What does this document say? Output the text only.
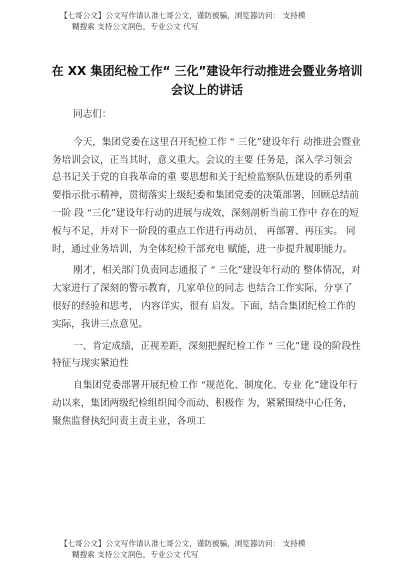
【七哥公文】公文写作请认准七哥公文，谨防被骗，浏览器访问： 支持模
糊搜索 支持公文润色，专业公文 代写
在 XX 集团纪检工作“ 三化”建设年行动推进会暨业务培训
会议上的讲话

同志们：

今天，集团党委在这里召开纪检工作 “ 三化”建设年行 动推进会暨业务培训会议，正当其时，意义重大。会议的主要 任务是，深入学习领会总书记关于党的自我革命的重 要思想和关于纪检监察队伍建设的系列重要指示批示精神，贯彻落实上级纪委和集团党委的决策部署，回顾总结前一阶 段 “三化”建设年行动的进展与成效，深刻剖析当前工作中 存在的短板与不足，并对下一阶段的重点工作进行再动员、 再部署、再压实。 同时，通过业务培训，为全体纪检干部充电 赋能，进一步提升履职能力。

刚才，相关部门负责同志通报了 “ 三化”建设年行动的 整体情况，对大家进行了深刻的警示教育，几家单位的同志 也结合工作实际，分享了很好的经验和思考， 内容详实，很有 启发。下面，结合集团纪检工作的实际，我讲三点意见。

一、肯定成绩，正视差距，深刻把握纪检工作 “ 三化”建 设的阶段性特征与现实紧迫性

自集团党委部署开展纪检工作 “规范化、制度化、专业 化”建设年行动以来，集团两级纪检组织闻令而动、积极作 为，紧紧围绕中心任务，聚焦监督执纪问责主责主业，各项工

【七哥公文】公文写作请认准七哥公文，谨防被骗，浏览器访问： 支持模
糊搜索 支持公文润色，专业公文 代写
